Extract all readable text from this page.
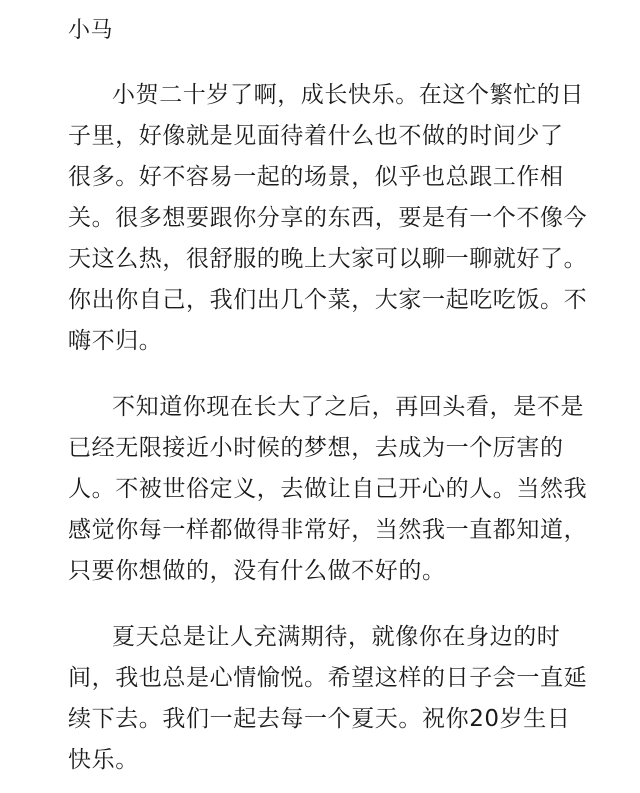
小马
小贺二十岁了啊，成长快乐。在这个繁忙的日
子里，好像就是见面待着什么也不做的时间少了
很多。好不容易一起的场景，似乎也总跟工作相
关。很多想要跟你分享的东西，要是有一个不像今
天这么热，很舒服的晚上大家可以聊一聊就好了。
你出你自己，我们出几个菜，大家一起吃吃饭。不
嗨不归。
不知道你现在长大了之后，再回头看，是不是
已经无限接近小时候的梦想，去成为一个厉害的
人。不被世俗定义，去做让自己开心的人。当然我
感觉你每一样都做得非常好，当然我一直都知道，
只要你想做的，没有什么做不好的。
夏天总是让人充满期待，就像你在身边的时
间，我也总是心情愉悦。希望这样的日子会一直延
续下去。我们一起去每一个夏天。祝你20岁生日
快乐。
